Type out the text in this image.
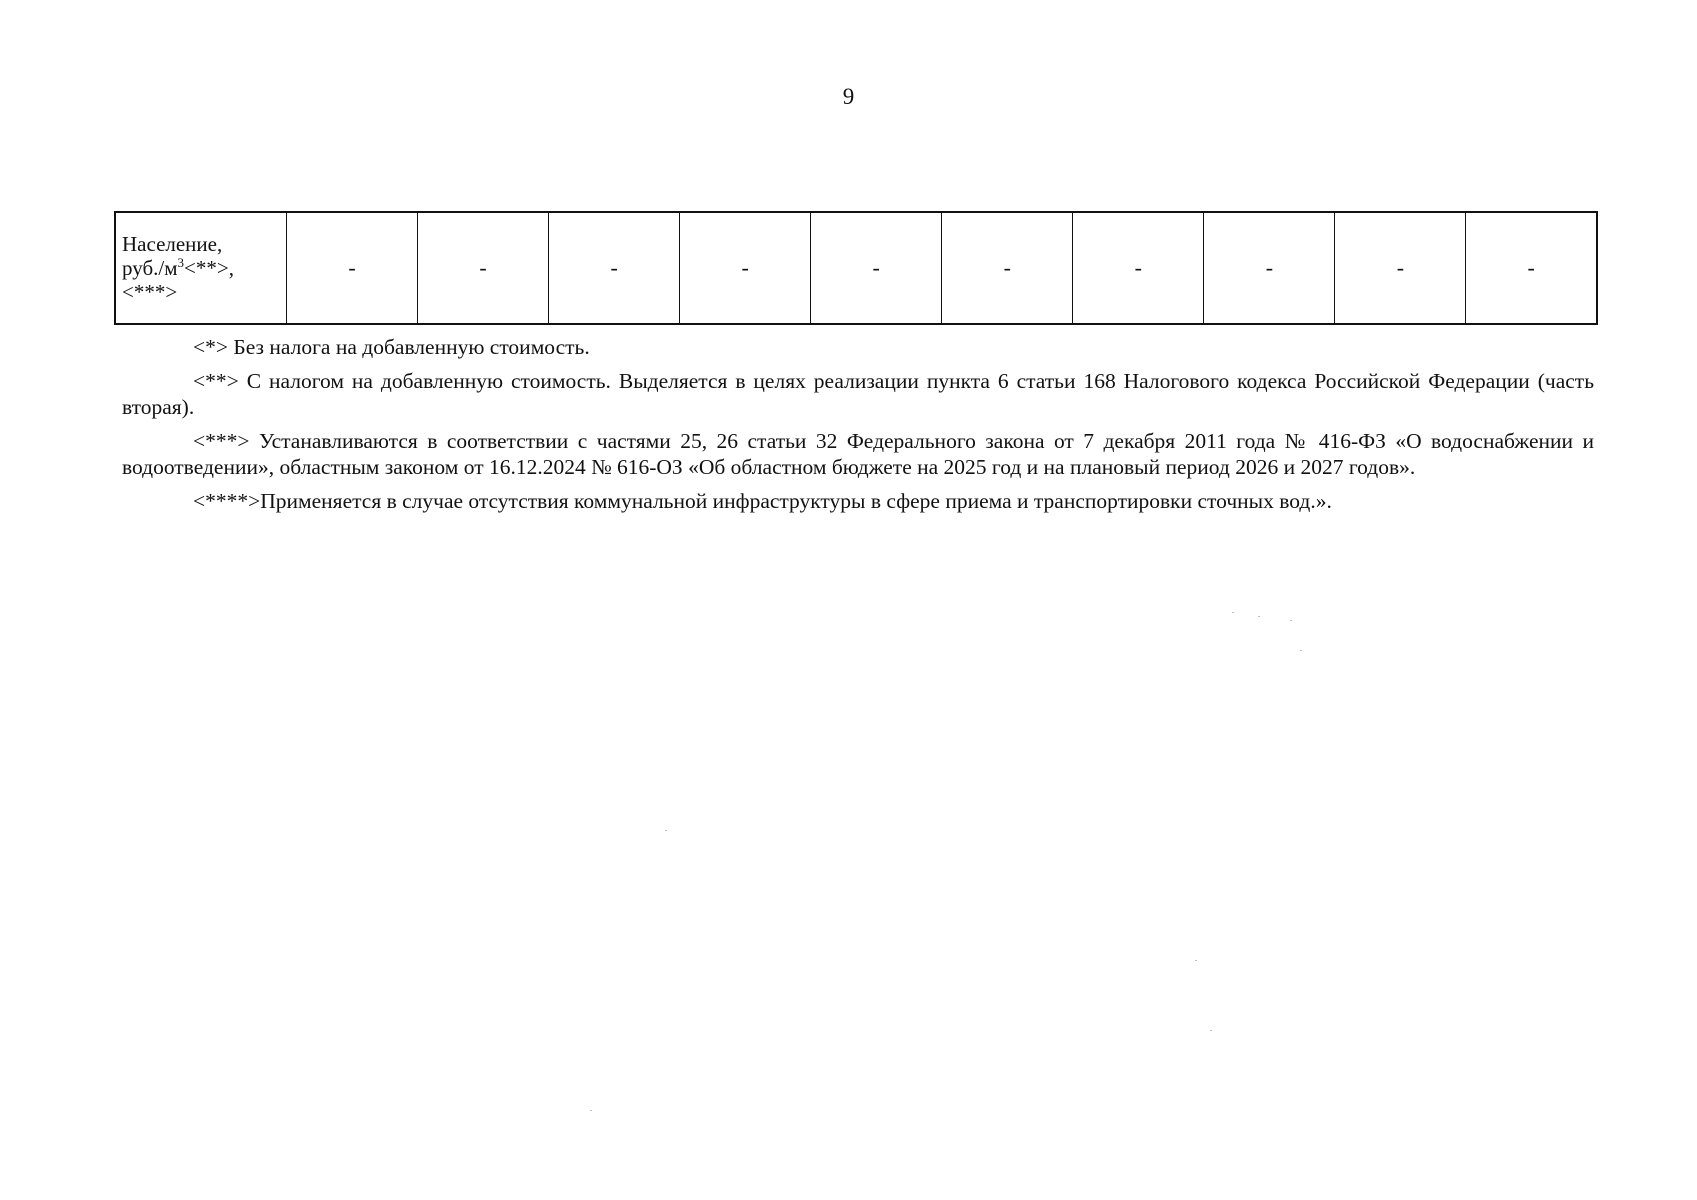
9
Население,
$руб./м^3<**>$,
<***>	-	-	-	-	-	-	-	-	-	-

<*> Без налога на добавленную стоимость.

<**> С налогом на добавленную стоимость. Выделяется в целях реализации пункта 6 статьи 168 Налогового кодекса Российской Федерации (часть вторая).

<***> Устанавливаются в соответствии с частями 25, 26 статьи 32 Федерального закона от 7 декабря 2011 года № 416-ФЗ «О водоснабжении и водоотведении», областным законом от 16.12.2024 № 616-ОЗ «Об областном бюджете на 2025 год и на плановый период 2026 и 2027 годов».

<****>Применяется в случае отсутствия коммунальной инфраструктуры в сфере приема и транспортировки сточных вод.».
